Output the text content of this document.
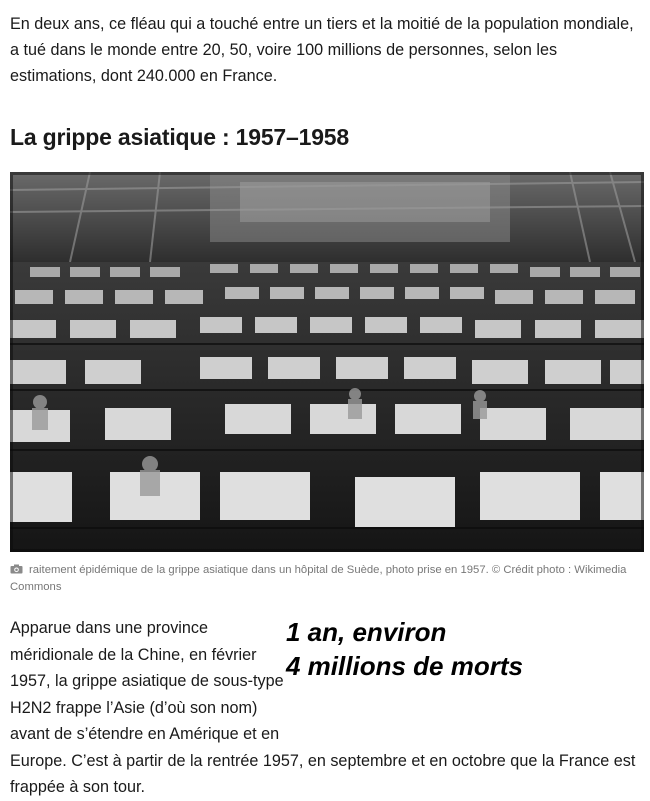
En deux ans, ce fléau qui a touché entre un tiers et la moitié de la population mondiale, a tué dans le monde entre 20, 50, voire 100 millions de personnes, selon les estimations, dont 240.000 en France.

La grippe asiatique : 1957–1958
raitement épidémique de la grippe asiatique dans un hôpital de Suède, photo prise en 1957. © Crédit photo : Wikimedia Commons

1 an, environ
4 millions de morts
Apparue dans une province méridionale de la Chine, en février 1957, la grippe asiatique de sous-type H2N2 frappe l’Asie (d’où son nom) avant de s’étendre en Amérique et en Europe. C’est à partir de la rentrée 1957, en septembre et en octobre que la France est frappée à son tour.
